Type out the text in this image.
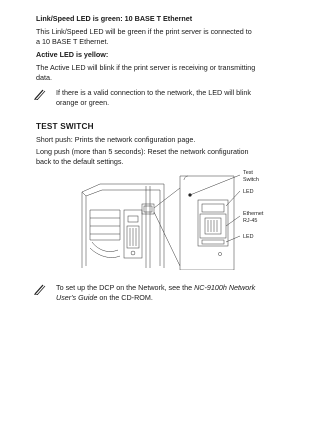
Link/Speed LED is green: 10 BASE T Ethernet
This Link/Speed LED will be green if the print server is connected to
a 10 BASE T Ethernet.
Active LED is yellow:
The Active LED will blink if the print server is receiving or transmitting
data.
If there is a valid connection to the network, the LED will blink
orange or green.
TEST SWITCH
Short push: Prints the network configuration page.
Long push (more than 5 seconds): Reset the network configuration
back to the default settings.
Test
Switch
LED
Ethernet
RJ-45
LED
To set up the DCP on the Network, see the NC-9100h Network
User's Guide on the CD-ROM.
